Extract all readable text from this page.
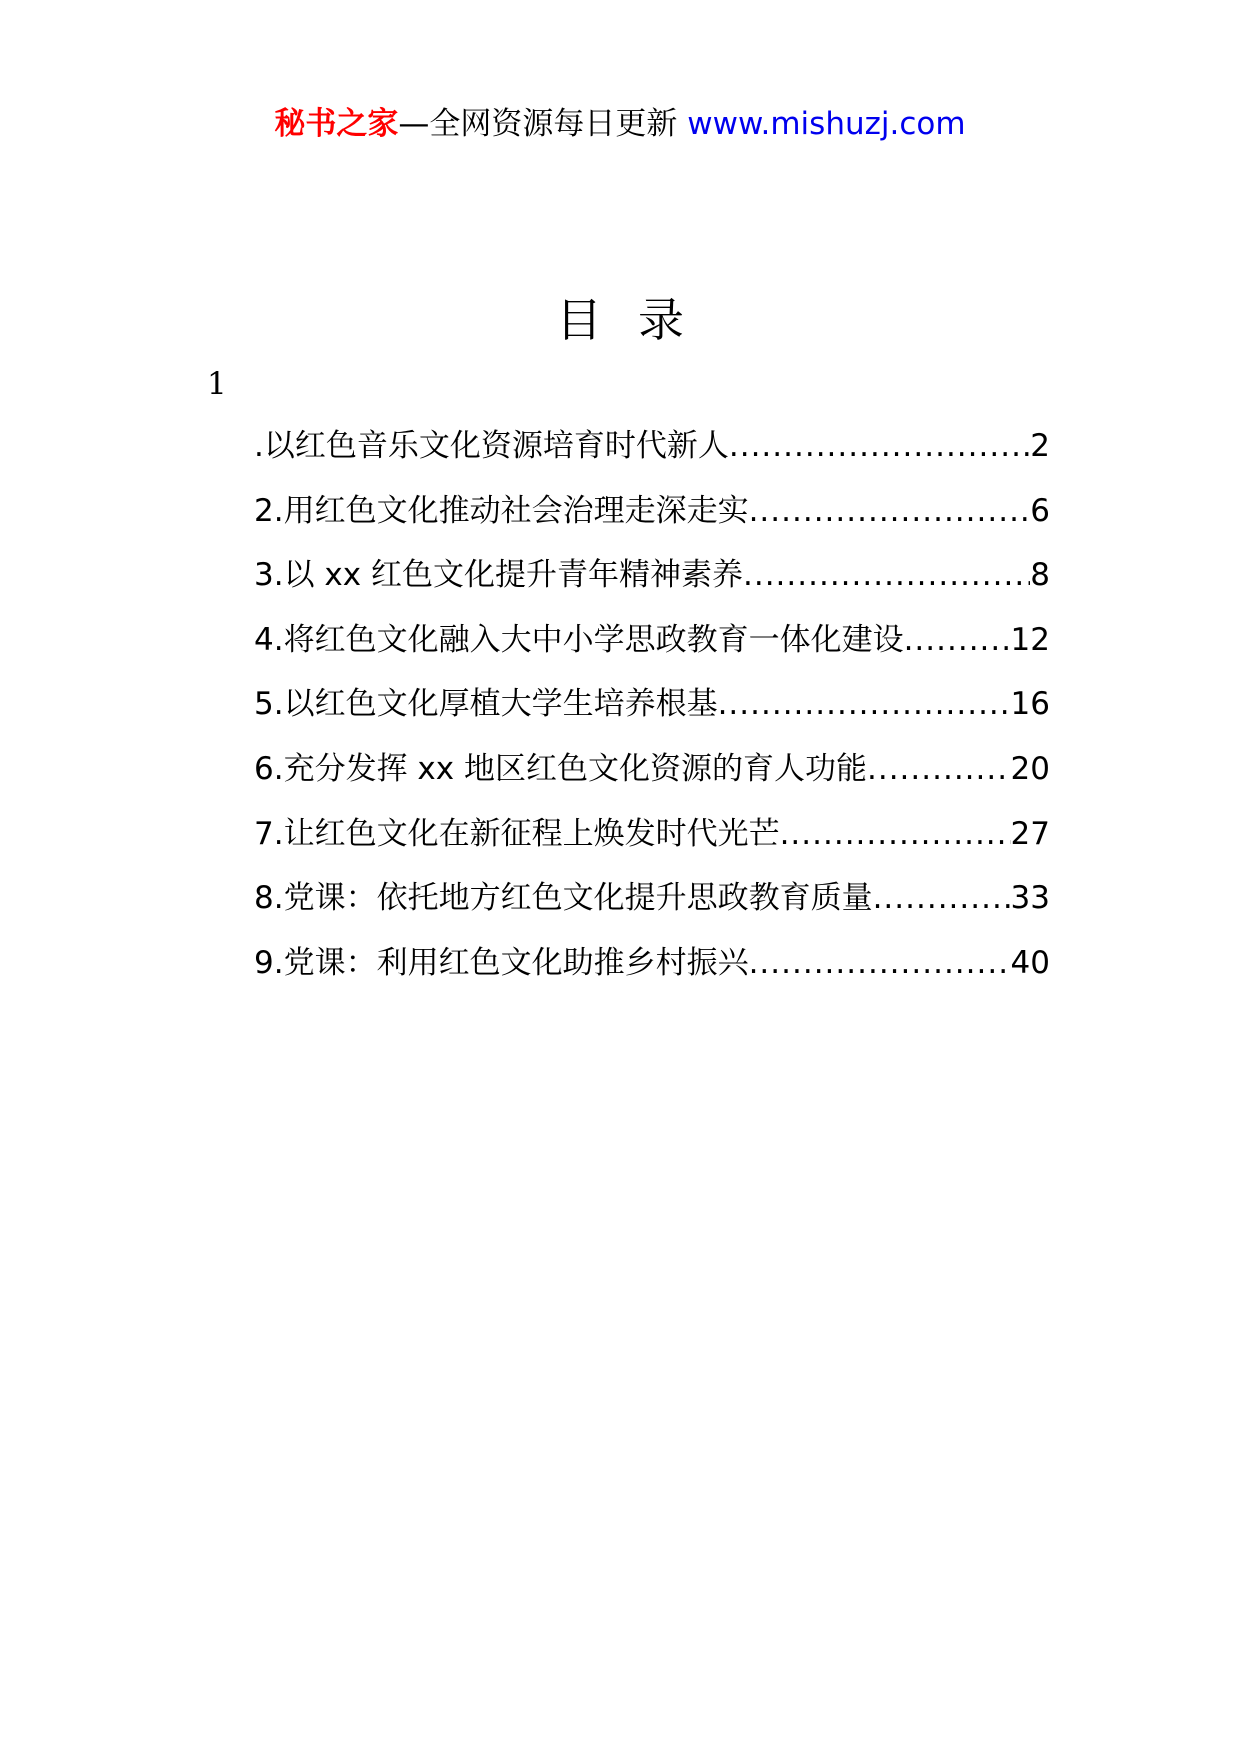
秘书之家—全网资源每日更新 www.mishuzj.com
目 录
1
.以红色音乐文化资源培育时代新人 .....	2
2.用红色文化推动社会治理走深走实 .....	6
3.以 xx 红色文化提升青年精神素养 .....	8
4.将红色文化融入大中小学思政教育一体化建设 .....	12
5.以红色文化厚植大学生培养根基 .....	16
6.充分发挥 xx 地区红色文化资源的育人功能 .....	20
7.让红色文化在新征程上焕发时代光芒 .....	27
8.党课：依托地方红色文化提升思政教育质量 .....	33
9.党课：利用红色文化助推乡村振兴 .....	40
